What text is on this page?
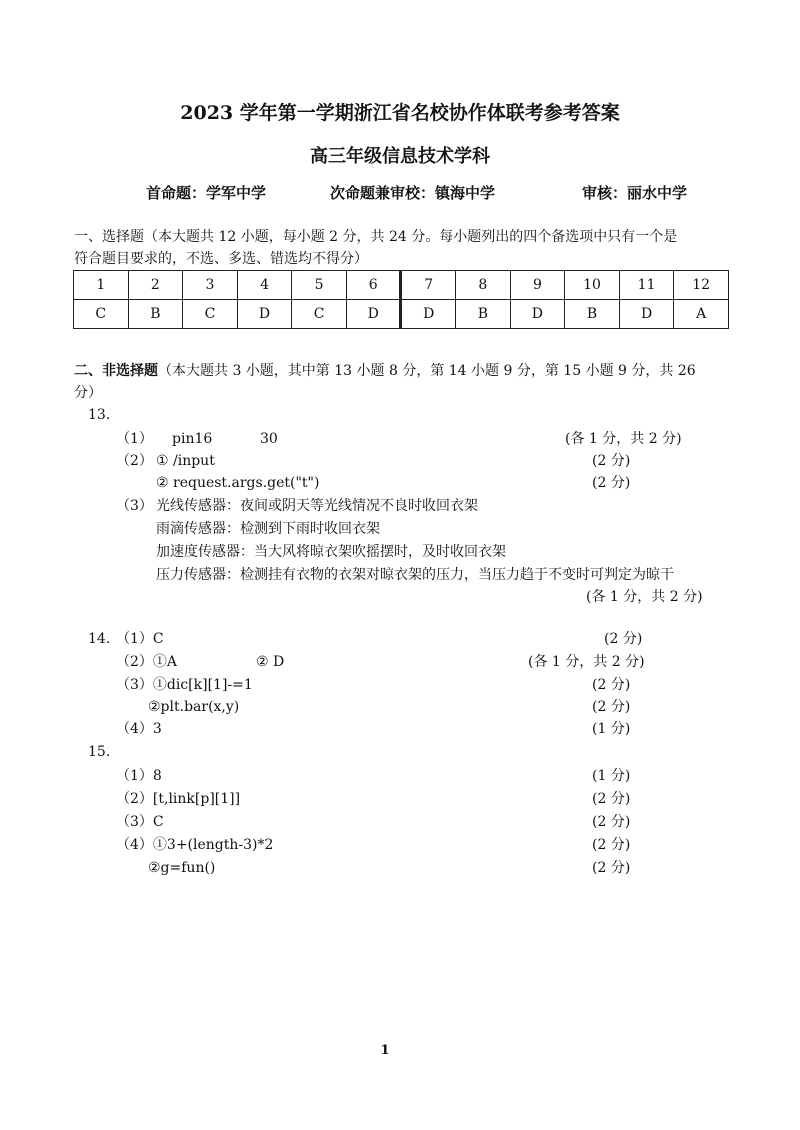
2023 学年第一学期浙江省名校协作体联考参考答案
高三年级信息技术学科
首命题：学军中学	次命题兼审校：镇海中学	审核：丽水中学
一、选择题（本大题共 12 小题，每小题 2 分，共 24 分。每小题列出的四个备选项中只有一个是
符合题目要求的，不选、多选、错选均不得分）
1	2	3	4	5	6	7	8	9	10	11	12
C	B	C	D	C	D	D	B	D	B	D	A
二、非选择题（本大题共 3 小题，其中第 13 小题 8 分，第 14 小题 9 分，第 15 小题 9 分，共 26
分）
13.
（1） pin16	30	(各 1 分，共 2 分)
（2） ① /input	(2 分)
② request.args.get("t")	(2 分)
（3） 光线传感器：夜间或阴天等光线情况不良时收回衣架
雨滴传感器：检测到下雨时收回衣架
加速度传感器：当大风将晾衣架吹摇摆时，及时收回衣架
压力传感器：检测挂有衣物的衣架对晾衣架的压力，当压力趋于不变时可判定为晾干
(各 1 分，共 2 分)
14. （1）C	(2 分)
（2）①A	② D	(各 1 分，共 2 分)
（3）①dic[k][1]-=1	(2 分)
②plt.bar(x,y)	(2 分)
（4）3	(1 分)
15.
（1）8	(1 分)
（2）[t,link[p][1]]	(2 分)
（3）C	(2 分)
（4）①3+(length-3)*2	(2 分)
②g=fun()	(2 分)
1
